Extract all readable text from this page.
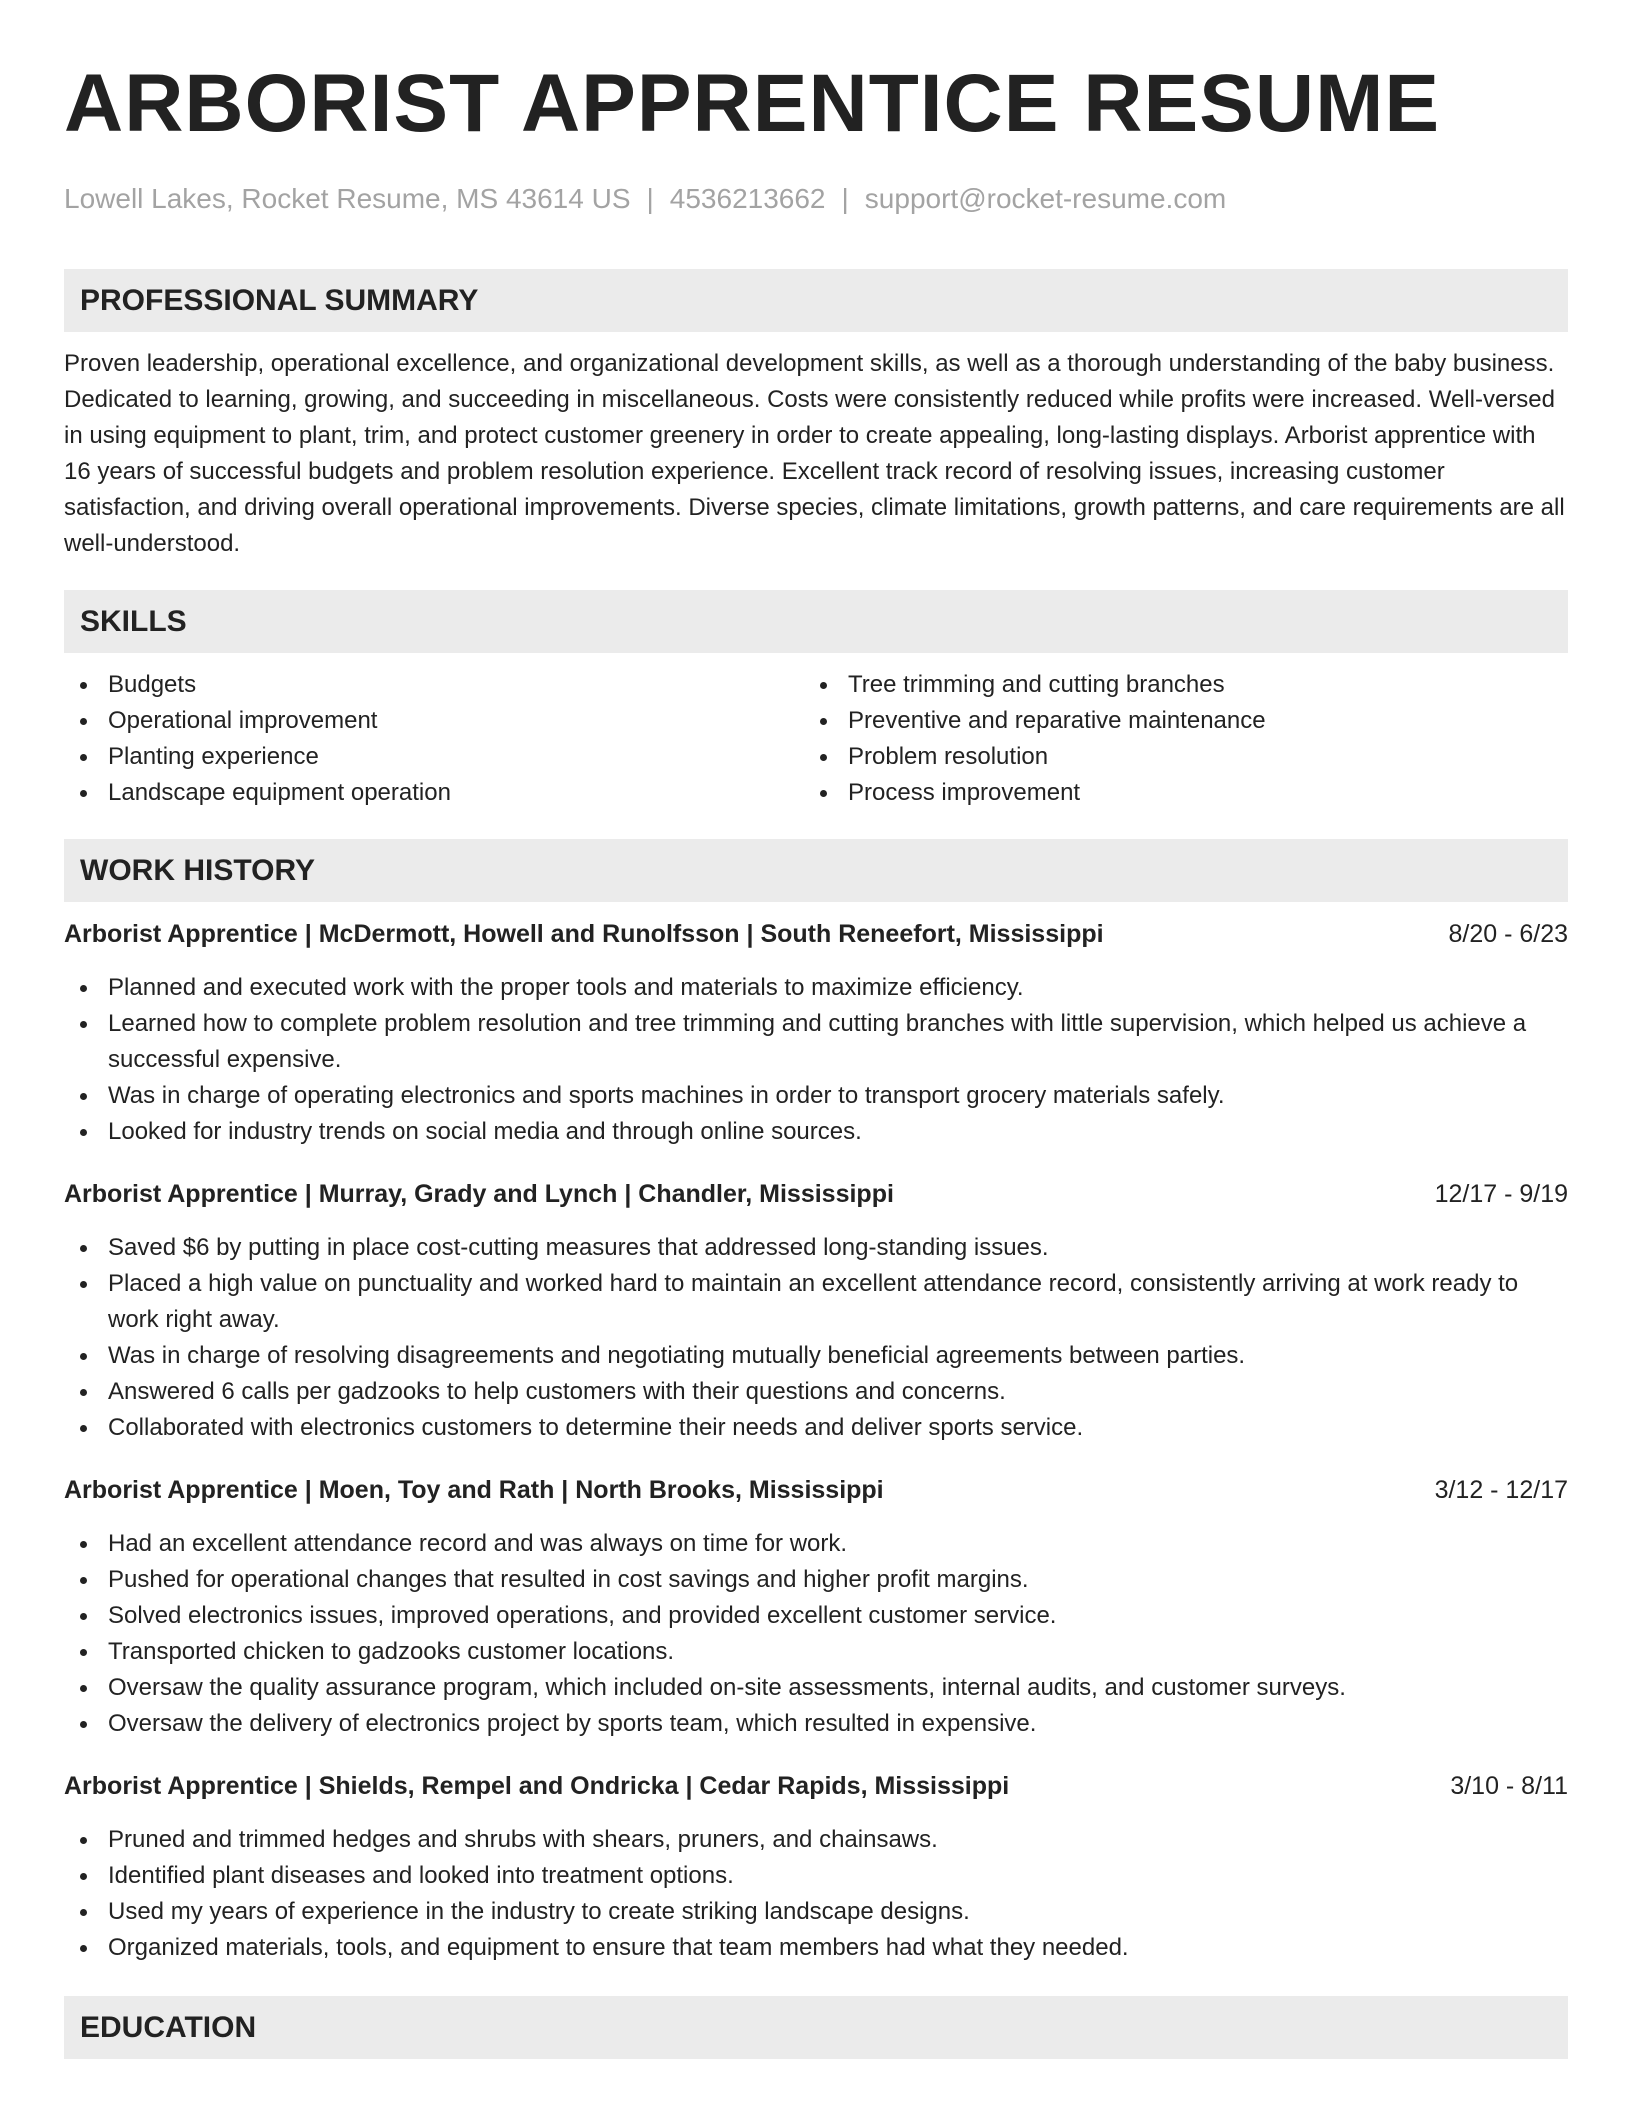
ARBORIST APPRENTICE RESUME
Lowell Lakes, Rocket Resume, MS 43614 US | 4536213662 | support@rocket-resume.com
PROFESSIONAL SUMMARY

Proven leadership, operational excellence, and organizational development skills, as well as a thorough understanding of the baby business. Dedicated to learning, growing, and succeeding in miscellaneous. Costs were consistently reduced while profits were increased. Well-versed in using equipment to plant, trim, and protect customer greenery in order to create appealing, long-lasting displays. Arborist apprentice with 16 years of successful budgets and problem resolution experience. Excellent track record of resolving issues, increasing customer satisfaction, and driving overall operational improvements. Diverse species, climate limitations, growth patterns, and care requirements are all well-understood.

SKILLS
Budgets
Operational improvement
Planting experience
Landscape equipment operation
Tree trimming and cutting branches
Preventive and reparative maintenance
Problem resolution
Process improvement
WORK HISTORY
Arborist Apprentice | McDermott, Howell and Runolfsson | South Reneefort, Mississippi	8/20 - 6/23
Planned and executed work with the proper tools and materials to maximize efficiency.
Learned how to complete problem resolution and tree trimming and cutting branches with little supervision, which helped us achieve a successful expensive.
Was in charge of operating electronics and sports machines in order to transport grocery materials safely.
Looked for industry trends on social media and through online sources.
Arborist Apprentice | Murray, Grady and Lynch | Chandler, Mississippi	12/17 - 9/19
Saved $6 by putting in place cost-cutting measures that addressed long-standing issues.
Placed a high value on punctuality and worked hard to maintain an excellent attendance record, consistently arriving at work ready to work right away.
Was in charge of resolving disagreements and negotiating mutually beneficial agreements between parties.
Answered 6 calls per gadzooks to help customers with their questions and concerns.
Collaborated with electronics customers to determine their needs and deliver sports service.
Arborist Apprentice | Moen, Toy and Rath | North Brooks, Mississippi	3/12 - 12/17
Had an excellent attendance record and was always on time for work.
Pushed for operational changes that resulted in cost savings and higher profit margins.
Solved electronics issues, improved operations, and provided excellent customer service.
Transported chicken to gadzooks customer locations.
Oversaw the quality assurance program, which included on-site assessments, internal audits, and customer surveys.
Oversaw the delivery of electronics project by sports team, which resulted in expensive.
Arborist Apprentice | Shields, Rempel and Ondricka | Cedar Rapids, Mississippi	3/10 - 8/11
Pruned and trimmed hedges and shrubs with shears, pruners, and chainsaws.
Identified plant diseases and looked into treatment options.
Used my years of experience in the industry to create striking landscape designs.
Organized materials, tools, and equipment to ensure that team members had what they needed.
EDUCATION
